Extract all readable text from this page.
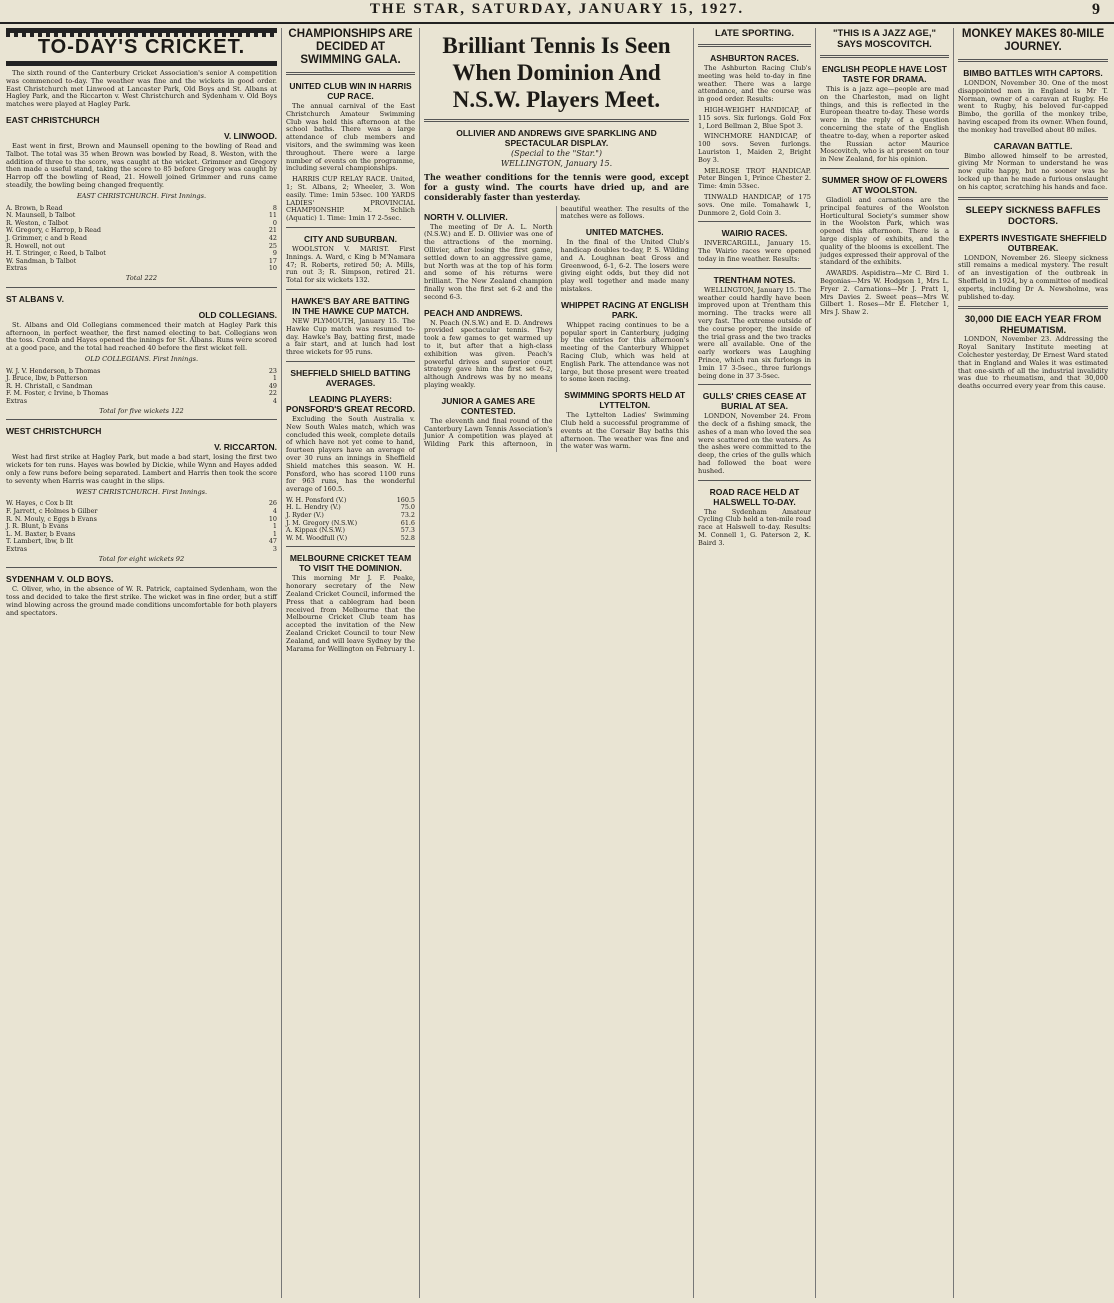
THE STAR, SATURDAY, JANUARY 15, 1927.	9
TO-DAY'S CRICKET.

The sixth round of the Canterbury Cricket Association's senior A competition was commenced to-day. The weather was fine and the wickets in good order. East Christchurch met Linwood at Lancaster Park, Old Boys and St. Albans at Hagley Park, and the Riccarton v. West Christchurch and Sydenham v. Old Boys matches were played at Hagley Park.

EAST CHRISTCHURCH
V. LINWOOD.

East went in first, Brown and Maunsell opening to the bowling of Read and Talbot. The total was 35 when Brown was bowled by Read, 8. Weston, with the addition of three to the score, was caught at the wicket. Grimmer and Gregory then made a useful stand, taking the score to 85 before Gregory was caught by Harrop off the bowling of Read, 21. Howell joined Grimmer and runs came steadily, the bowling being changed frequently.

EAST CHRISTCHURCH. First Innings.
A. Brown, b Read	8
N. Maunsell, b Talbot	11
R. Weston, c Talbot	0
W. Gregory, c Harrop, b Read	21
J. Grimmer, c and b Read	42
R. Howell, not out	25
H. T. Stringer, c Reed, b Talbot	9
W. Sandman, b Talbot	17
Extras	10
Total 222
ST ALBANS V.
OLD COLLEGIANS.

St. Albans and Old Collegians commenced their match at Hagley Park this afternoon, in perfect weather, the first named electing to bat. Collegians won the toss. Cromb and Hayes opened the innings for St. Albans. Runs were scored at a good pace, and the total had reached 40 before the first wicket fell.

OLD COLLEGIANS. First Innings.
W. J. V. Henderson, b Thomas	23
J. Bruce, lbw, b Patterson	1
R. H. Christall, c Sandman	49
F. M. Foster, c Irvine, b Thomas	22
Extras	4
Total for five wickets 122
WEST CHRISTCHURCH
V. RICCARTON.

West had first strike at Hagley Park, but made a bad start, losing the first two wickets for ten runs. Hayes was bowled by Dickie, while Wynn and Hayes added only a few runs before being separated. Lambert and Harris then took the score to seventy when Harris was caught in the slips.

WEST CHRISTCHURCH. First Innings.
W. Hayes, c Cox b Ilt	26
F. Jarrett, c Holmes b Gilber	4
R. N. Mouly, c Eggs b Evans	10
J. R. Blunt, b Evans	1
L. M. Baxter, b Evans	1
T. Lambert, lbw, b Ilt	47
Extras	3
Total for eight wickets 92
SYDENHAM V. OLD BOYS.

C. Oliver, who, in the absence of W. R. Patrick, captained Sydenham, won the toss and decided to take the first strike. The wicket was in fine order, but a stiff wind blowing across the ground made conditions uncomfortable for both players and spectators.

CHAMPIONSHIPS ARE DECIDED AT SWIMMING GALA.
UNITED CLUB WIN IN HARRIS CUP RACE.

The annual carnival of the East Christchurch Amateur Swimming Club was held this afternoon at the school baths. There was a large attendance of club members and visitors, and the swimming was keen throughout. There were a large number of events on the programme, including several championships.

HARRIS CUP RELAY RACE. United, 1; St. Albans, 2; Wheeler, 3. Won easily. Time: 1min 53sec. 100 YARDS LADIES' PROVINCIAL CHAMPIONSHIP. M. Schlich (Aquatic) 1. Time: 1min 17 2-5sec.

CITY AND SUBURBAN.

WOOLSTON V. MARIST. First Innings. A. Ward, c King b M'Namara 47; R. Roberts, retired 50; A. Mills, run out 3; R. Simpson, retired 21. Total for six wickets 132.

HAWKE'S BAY ARE BATTING IN THE HAWKE CUP MATCH.

NEW PLYMOUTH, January 15. The Hawke Cup match was resumed to-day. Hawke's Bay, batting first, made a fair start, and at lunch had lost three wickets for 95 runs.

SHEFFIELD SHIELD BATTING AVERAGES.
LEADING PLAYERS: PONSFORD'S GREAT RECORD.

Excluding the South Australia v. New South Wales match, which was concluded this week, complete details of which have not yet come to hand, fourteen players have an average of over 30 runs an innings in Sheffield Shield matches this season. W. H. Ponsford, who has scored 1100 runs for 963 runs, has the wonderful average of 160.5.

W. H. Ponsford (V.)	160.5
H. L. Hendry (V.)	75.0
J. Ryder (V.)	73.2
J. M. Gregory (N.S.W.)	61.6
A. Kippax (N.S.W.)	57.3
W. M. Woodfull (V.)	52.8
MELBOURNE CRICKET TEAM TO VISIT THE DOMINION.

This morning Mr J. F. Peake, honorary secretary of the New Zealand Cricket Council, informed the Press that a cablegram had been received from Melbourne that the Melbourne Cricket Club team has accepted the invitation of the New Zealand Cricket Council to tour New Zealand, and will leave Sydney by the Marama for Wellington on February 1.

Brilliant Tennis Is Seen When Dominion And N.S.W. Players Meet.
OLLIVIER AND ANDREWS GIVE SPARKLING AND SPECTACULAR DISPLAY.
(Special to the "Star.")
WELLINGTON, January 15.
The weather conditions for the tennis were good, except for a gusty wind. The courts have dried up, and are considerably faster than yesterday.
NORTH V. OLLIVIER.

The meeting of Dr A. L. North (N.S.W.) and E. D. Ollivier was one of the attractions of the morning. Ollivier, after losing the first game, settled down to an aggressive game, but North was at the top of his form and some of his returns were brilliant. The New Zealand champion finally won the first set 6-2 and the second 6-3.

PEACH AND ANDREWS.

N. Peach (N.S.W.) and E. D. Andrews provided spectacular tennis. They took a few games to get warmed up to it, but after that a high-class exhibition was given. Peach's powerful drives and superior court strategy gave him the first set 6-2, although Andrews was by no means playing weakly.

JUNIOR A GAMES ARE CONTESTED.

The eleventh and final round of the Canterbury Lawn Tennis Association's Junior A competition was played at Wilding Park this afternoon, in beautiful weather. The results of the matches were as follows.

UNITED MATCHES.

In the final of the United Club's handicap doubles to-day, P. S. Wilding and A. Loughnan beat Gross and Greenwood, 6-1, 6-2. The losers were giving eight odds, but they did not play well together and made many mistakes.

WHIPPET RACING AT ENGLISH PARK.

Whippet racing continues to be a popular sport in Canterbury, judging by the entries for this afternoon's meeting of the Canterbury Whippet Racing Club, which was held at English Park. The attendance was not large, but those present were treated to some keen racing.

SWIMMING SPORTS HELD AT LYTTELTON.

The Lyttelton Ladies' Swimming Club held a successful programme of events at the Corsair Bay baths this afternoon. The weather was fine and the water was warm.

LATE SPORTING.
ASHBURTON RACES.

The Ashburton Racing Club's meeting was held to-day in fine weather. There was a large attendance, and the course was in good order. Results:

HIGH-WEIGHT HANDICAP, of 115 sovs. Six furlongs. Gold Fox 1, Lord Bellman 2, Blue Spot 3.

WINCHMORE HANDICAP, of 100 sovs. Seven furlongs. Lauriston 1, Maiden 2, Bright Boy 3.

MELROSE TROT HANDICAP. Peter Bingen 1, Prince Chester 2. Time: 4min 53sec.

TINWALD HANDICAP, of 175 sovs. One mile. Tomahawk 1, Dunmore 2, Gold Coin 3.

WAIRIO RACES.

INVERCARGILL, January 15. The Wairio races were opened today in fine weather. Results:

TRENTHAM NOTES.

WELLINGTON, January 15. The weather could hardly have been improved upon at Trentham this morning. The tracks were all very fast. The extreme outside of the course proper, the inside of the trial grass and the two tracks were all available. One of the early workers was Laughing Prince, which ran six furlongs in 1min 17 3-5sec., three furlongs being done in 37 3-5sec.

GULLS' CRIES CEASE AT BURIAL AT SEA.

LONDON, November 24. From the deck of a fishing smack, the ashes of a man who loved the sea were scattered on the waters. As the ashes were committed to the deep, the cries of the gulls which had followed the boat were hushed.

ROAD RACE HELD AT HALSWELL TO-DAY.

The Sydenham Amateur Cycling Club held a ten-mile road race at Halswell to-day. Results: M. Connell 1, G. Paterson 2, K. Baird 3.

"THIS IS A JAZZ AGE," SAYS MOSCOVITCH.
ENGLISH PEOPLE HAVE LOST TASTE FOR DRAMA.

This is a jazz age—people are mad on the Charleston, mad on light things, and this is reflected in the European theatre to-day. These words were in the reply of a question concerning the state of the English theatre to-day, when a reporter asked the Russian actor Maurice Moscovitch, who is at present on tour in New Zealand, for his opinion.

SUMMER SHOW OF FLOWERS AT WOOLSTON.

Gladioli and carnations are the principal features of the Woolston Horticultural Society's summer show in the Woolston Park, which was opened this afternoon. There is a large display of exhibits, and the quality of the blooms is excellent. The judges expressed their approval of the standard of the exhibits.

AWARDS. Aspidistra—Mr C. Bird 1. Begonias—Mrs W. Hodgson 1, Mrs L. Fryer 2. Carnations—Mr J. Pratt 1, Mrs Davies 2. Sweet peas—Mrs W. Gilbert 1. Roses—Mr E. Fletcher 1, Mrs J. Shaw 2.

MONKEY MAKES 80-MILE JOURNEY.
BIMBO BATTLES WITH CAPTORS.

LONDON, November 30. One of the most disappointed men in England is Mr T. Norman, owner of a caravan at Rugby. He went to Rugby, his beloved fur-capped Bimbo, the gorilla of the monkey tribe, having escaped from its owner. When found, the monkey had travelled about 80 miles.

CARAVAN BATTLE.

Bimbo allowed himself to be arrested, giving Mr Norman to understand he was now quite happy, but no sooner was he locked up than he made a furious onslaught on his captor, scratching his hands and face.

SLEEPY SICKNESS BAFFLES DOCTORS.
EXPERTS INVESTIGATE SHEFFIELD OUTBREAK.

LONDON, November 26. Sleepy sickness still remains a medical mystery. The result of an investigation of the outbreak in Sheffield in 1924, by a committee of medical experts, including Dr A. Newsholme, was published to-day.

30,000 DIE EACH YEAR FROM RHEUMATISM.

LONDON, November 23. Addressing the Royal Sanitary Institute meeting at Colchester yesterday, Dr Ernest Ward stated that in England and Wales it was estimated that one-sixth of all the industrial invalidity was due to rheumatism, and that 30,000 deaths occurred every year from this cause.
